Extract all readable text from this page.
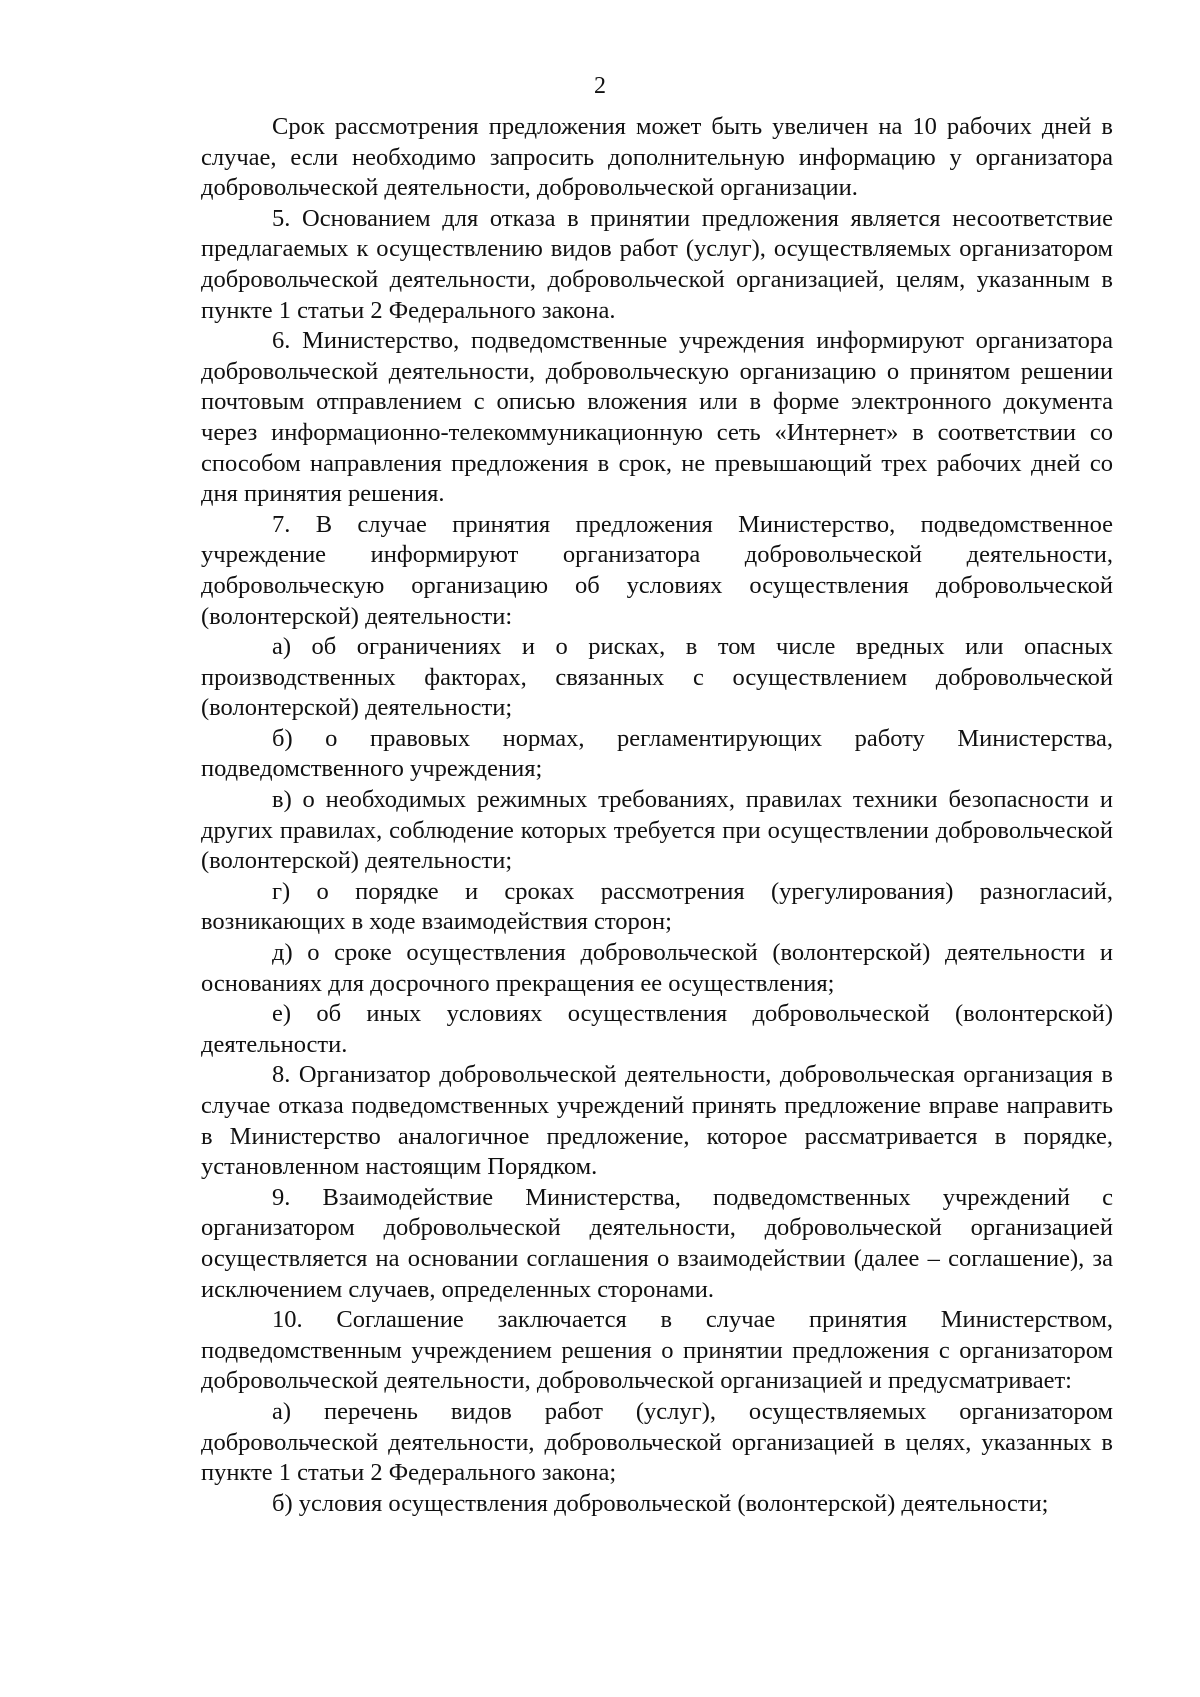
2

Срок рассмотрения предложения может быть увеличен на 10 рабочих дней в случае, если необходимо запросить дополнительную информацию у организатора добровольческой деятельности, добровольческой организации.

5. Основанием для отказа в принятии предложения является несоответствие предлагаемых к осуществлению видов работ (услуг), осуществляемых организатором добровольческой деятельности, добровольческой организацией, целям, указанным в пункте 1 статьи 2 Федерального закона.

6. Министерство, подведомственные учреждения информируют организатора добровольческой деятельности, добровольческую организацию о принятом решении почтовым отправлением с описью вложения или в форме электронного документа через информационно-телекоммуникационную сеть «Интернет» в соответствии со способом направления предложения в срок, не превышающий трех рабочих дней со дня принятия решения.

7. В случае принятия предложения Министерство, подведомственное учреждение информируют организатора добровольческой деятельности, добровольческую организацию об условиях осуществления добровольческой (волонтерской) деятельности:

а) об ограничениях и о рисках, в том числе вредных или опасных производственных факторах, связанных с осуществлением добровольческой (волонтерской) деятельности;

б) о правовых нормах, регламентирующих работу Министерства, подведомственного учреждения;

в) о необходимых режимных требованиях, правилах техники безопасности и других правилах, соблюдение которых требуется при осуществлении добровольческой (волонтерской) деятельности;

г) о порядке и сроках рассмотрения (урегулирования) разногласий, возникающих в ходе взаимодействия сторон;

д) о сроке осуществления добровольческой (волонтерской) деятельности и основаниях для досрочного прекращения ее осуществления;

е) об иных условиях осуществления добровольческой (волонтерской) деятельности.

8. Организатор добровольческой деятельности, добровольческая организация в случае отказа подведомственных учреждений принять предложение вправе направить в Министерство аналогичное предложение, которое рассматривается в порядке, установленном настоящим Порядком.

9. Взаимодействие Министерства, подведомственных учреждений с организатором добровольческой деятельности, добровольческой организацией осуществляется на основании соглашения о взаимодействии (далее – соглашение), за исключением случаев, определенных сторонами.

10. Соглашение заключается в случае принятия Министерством, подведомственным учреждением решения о принятии предложения с организатором добровольческой деятельности, добровольческой организацией и предусматривает:

а) перечень видов работ (услуг), осуществляемых организатором добровольческой деятельности, добровольческой организацией в целях, указанных в пункте 1 статьи 2 Федерального закона;

б) условия осуществления добровольческой (волонтерской) деятельности;
